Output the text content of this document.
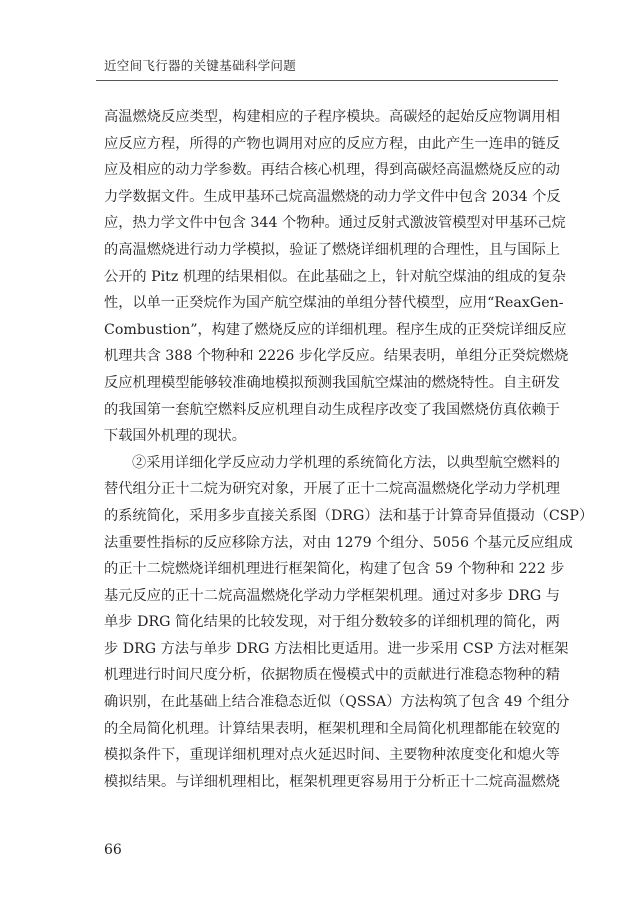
近空间飞行器的关键基础科学问题
高温燃烧反应类型，构建相应的子程序模块。高碳烃的起始反应物调用相
应反应方程，所得的产物也调用对应的反应方程，由此产生一连串的链反
应及相应的动力学参数。再结合核心机理，得到高碳烃高温燃烧反应的动
力学数据文件。生成甲基环己烷高温燃烧的动力学文件中包含 2034 个反
应，热力学文件中包含 344 个物种。通过反射式激波管模型对甲基环己烷
的高温燃烧进行动力学模拟，验证了燃烧详细机理的合理性，且与国际上
公开的 Pitz 机理的结果相似。在此基础之上，针对航空煤油的组成的复杂
性，以单一正癸烷作为国产航空煤油的单组分替代模型，应用“ReaxGen-
Combustion”，构建了燃烧反应的详细机理。程序生成的正癸烷详细反应
机理共含 388 个物种和 2226 步化学反应。结果表明，单组分正癸烷燃烧
反应机理模型能够较准确地模拟预测我国航空煤油的燃烧特性。自主研发
的我国第一套航空燃料反应机理自动生成程序改变了我国燃烧仿真依赖于
下载国外机理的现状。
②采用详细化学反应动力学机理的系统简化方法，以典型航空燃料的
替代组分正十二烷为研究对象，开展了正十二烷高温燃烧化学动力学机理
的系统简化，采用多步直接关系图（DRG）法和基于计算奇异值摄动（CSP）
法重要性指标的反应移除方法，对由 1279 个组分、5056 个基元反应组成
的正十二烷燃烧详细机理进行框架简化，构建了包含 59 个物种和 222 步
基元反应的正十二烷高温燃烧化学动力学框架机理。通过对多步 DRG 与
单步 DRG 简化结果的比较发现，对于组分数较多的详细机理的简化，两
步 DRG 方法与单步 DRG 方法相比更适用。进一步采用 CSP 方法对框架
机理进行时间尺度分析，依据物质在慢模式中的贡献进行准稳态物种的精
确识别，在此基础上结合准稳态近似（QSSA）方法构筑了包含 49 个组分
的全局简化机理。计算结果表明，框架机理和全局简化机理都能在较宽的
模拟条件下，重现详细机理对点火延迟时间、主要物种浓度变化和熄火等
模拟结果。与详细机理相比，框架机理更容易用于分析正十二烷高温燃烧
66
